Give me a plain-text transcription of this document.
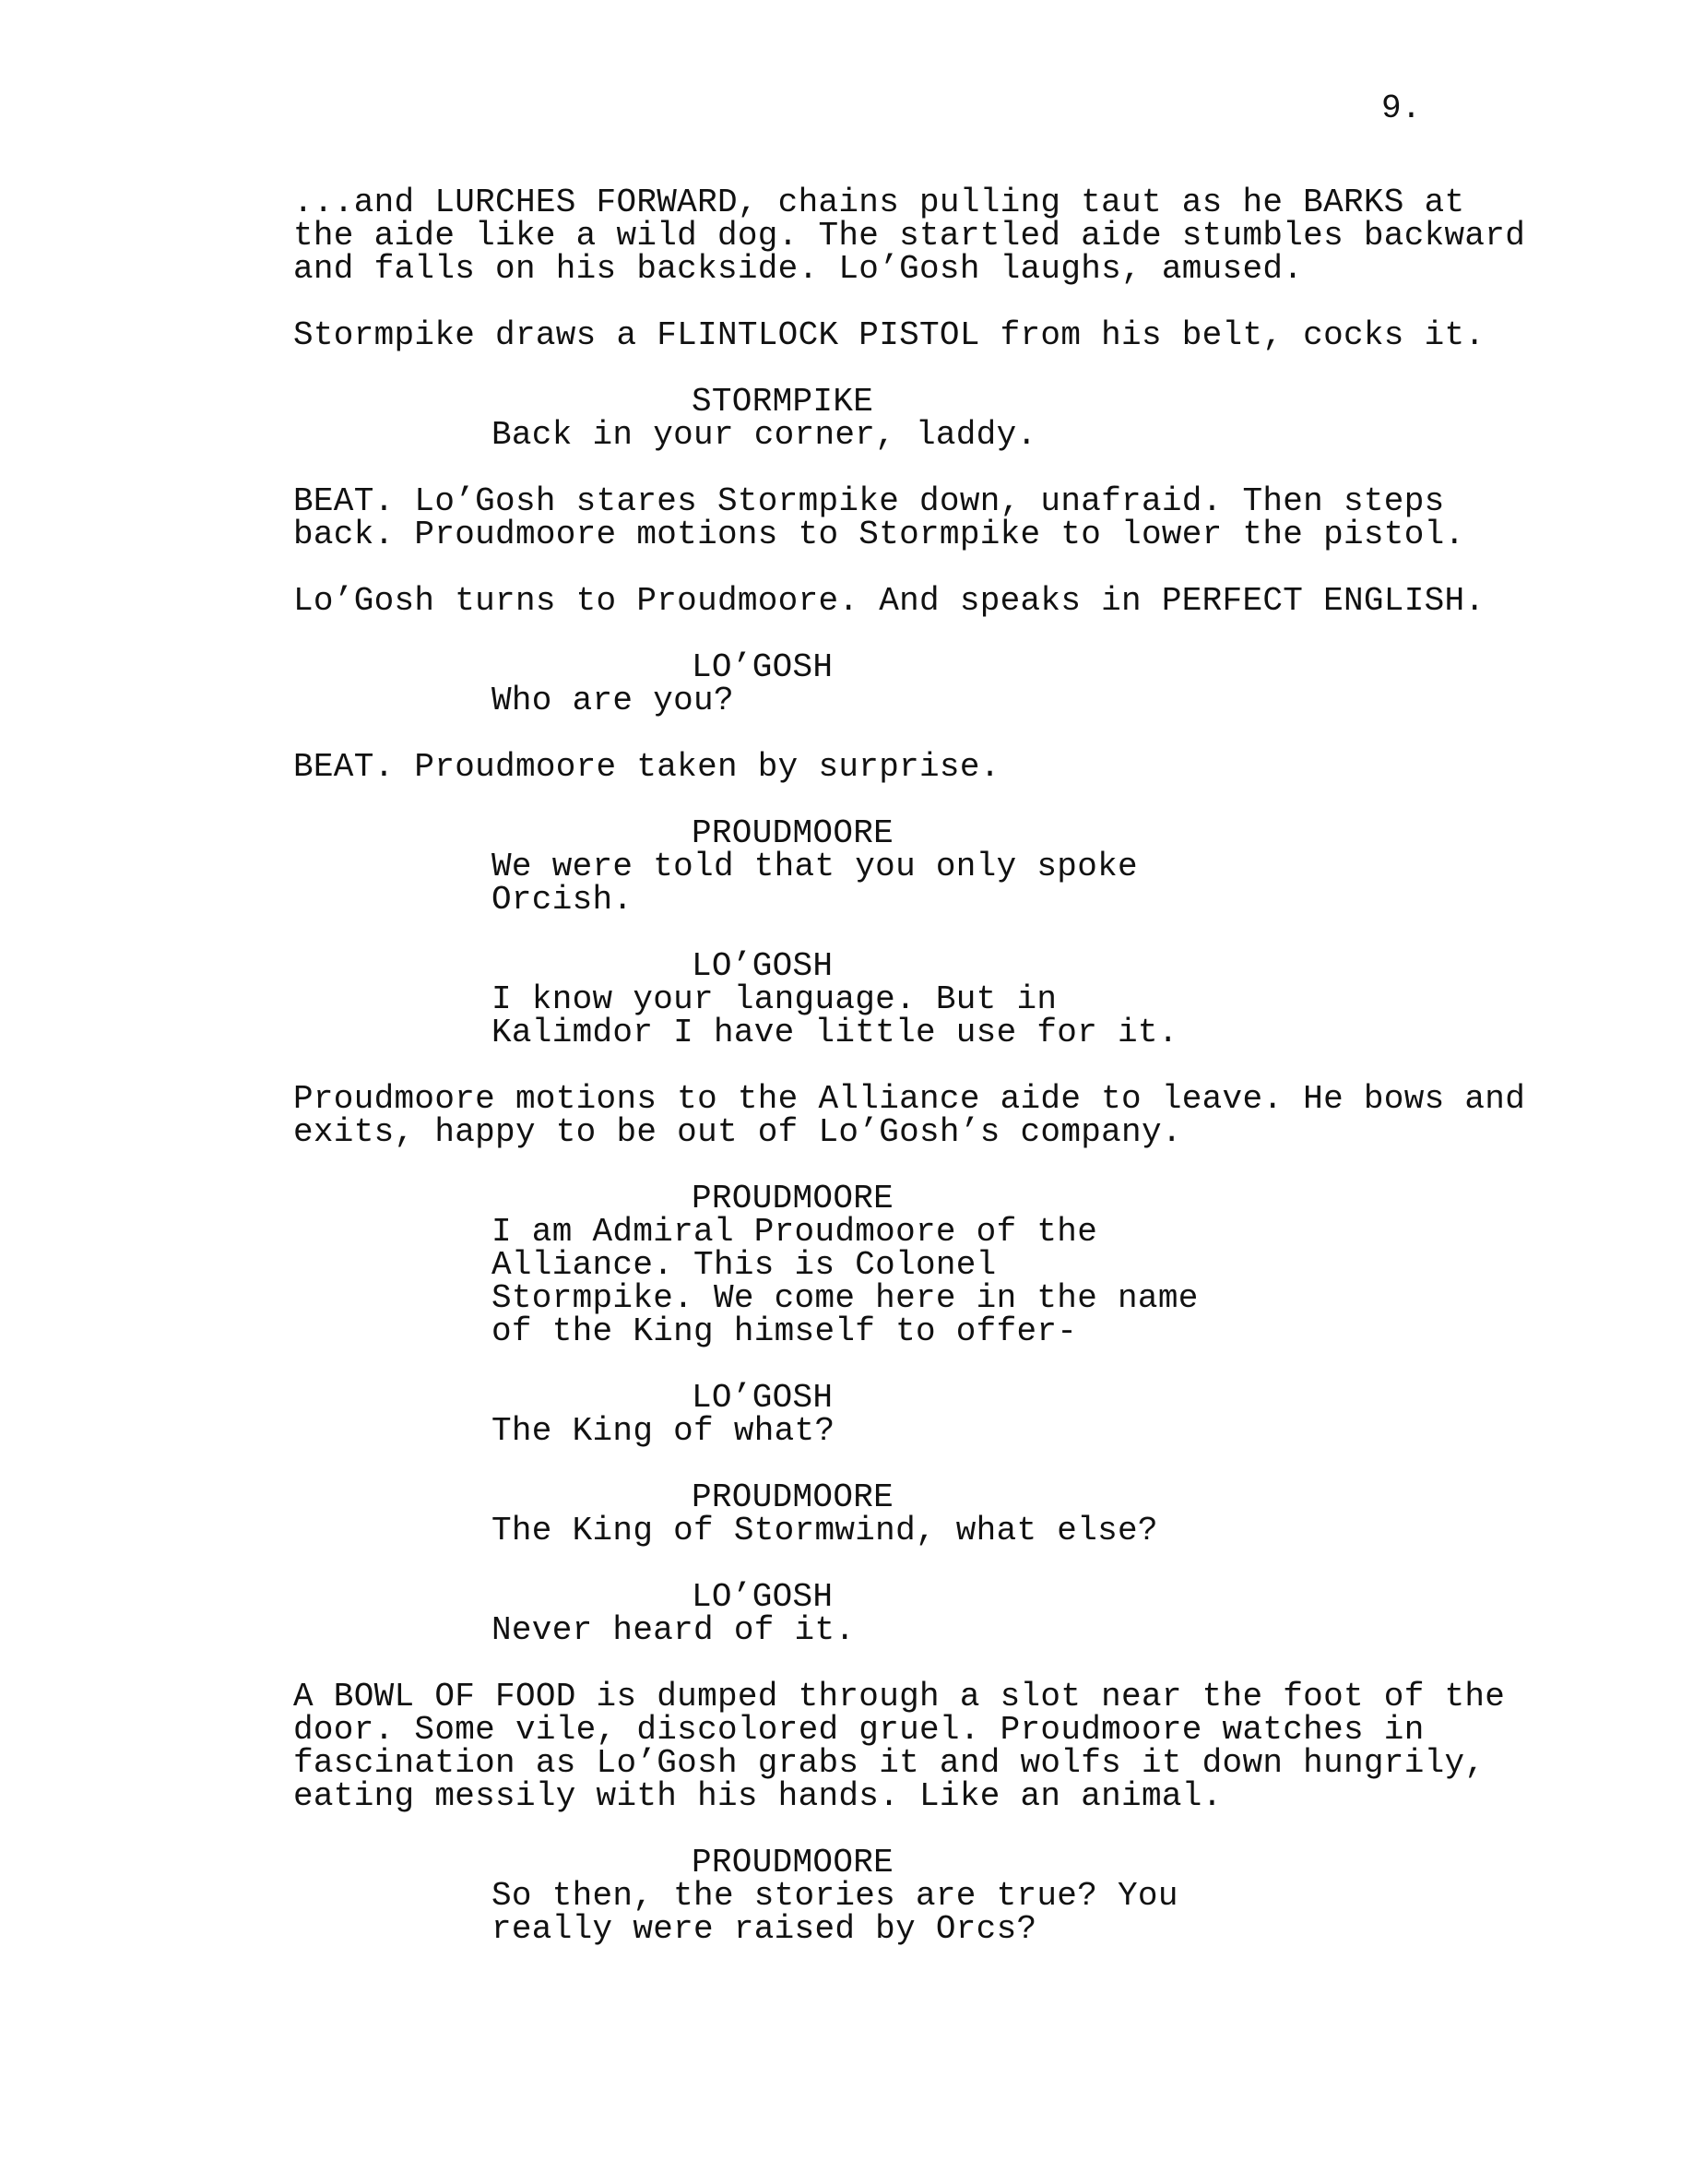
9.

...and LURCHES FORWARD, chains pulling taut as he BARKS at
the aide like a wild dog. The startled aide stumbles backward
and falls on his backside. Lo’Gosh laughs, amused.

Stormpike draws a FLINTLOCK PISTOL from his belt, cocks it.

STORMPIKE

Back in your corner, laddy.

BEAT. Lo’Gosh stares Stormpike down, unafraid. Then steps
back. Proudmoore motions to Stormpike to lower the pistol.

Lo’Gosh turns to Proudmoore. And speaks in PERFECT ENGLISH.

LO’GOSH

Who are you?

BEAT. Proudmoore taken by surprise.

PROUDMOORE

We were told that you only spoke
Orcish.

LO’GOSH

I know your language. But in
Kalimdor I have little use for it.

Proudmoore motions to the Alliance aide to leave. He bows and
exits, happy to be out of Lo’Gosh’s company.

PROUDMOORE

I am Admiral Proudmoore of the
Alliance. This is Colonel
Stormpike. We come here in the name
of the King himself to offer-

LO’GOSH

The King of what?

PROUDMOORE

The King of Stormwind, what else?

LO’GOSH

Never heard of it.

A BOWL OF FOOD is dumped through a slot near the foot of the
door. Some vile, discolored gruel. Proudmoore watches in
fascination as Lo’Gosh grabs it and wolfs it down hungrily,
eating messily with his hands. Like an animal.

PROUDMOORE

So then, the stories are true? You
really were raised by Orcs?
